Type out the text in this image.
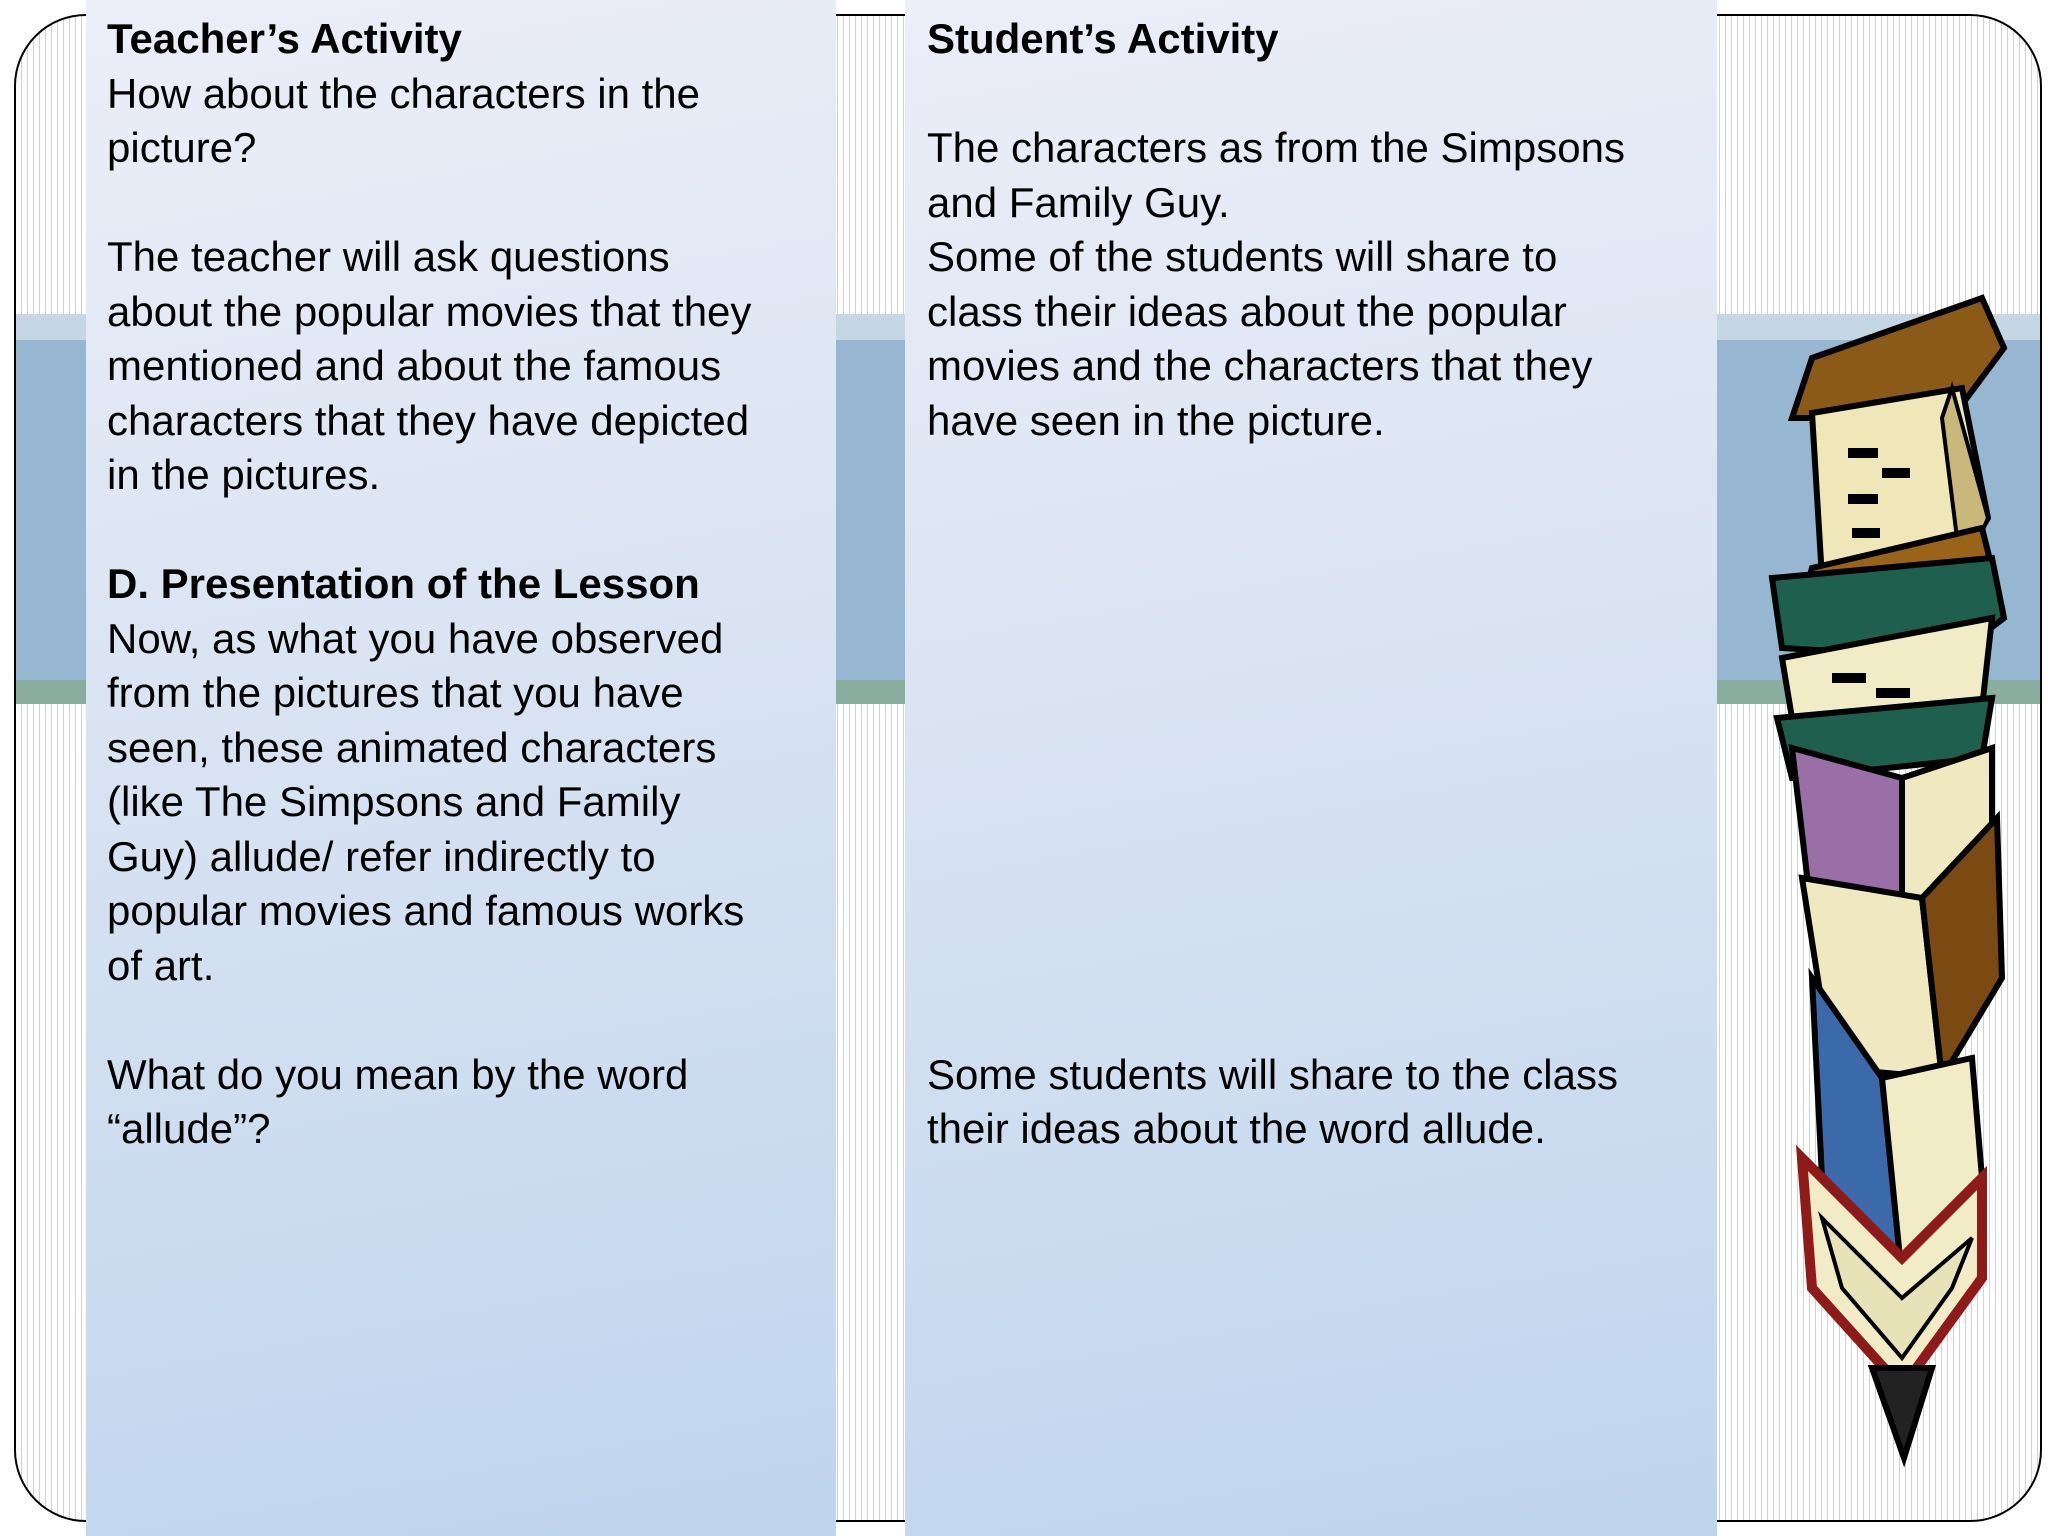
Teacher’s Activity

How about the characters in the
picture?

The teacher will ask questions
about the popular movies that they
mentioned and about the famous
characters that they have depicted
in the pictures.

D. Presentation of the Lesson

Now, as what you have observed
from the pictures that you have
seen, these animated characters
(like The Simpsons and Family
Guy) allude/ refer indirectly to
popular movies and famous works
of art.

What do you mean by the word
“allude”?

Student’s Activity

The characters as from the Simpsons
and Family Guy.
Some of the students will share to
class their ideas about the popular
movies and the characters that they
have seen in the picture.

Some students will share to the class
their ideas about the word allude.
